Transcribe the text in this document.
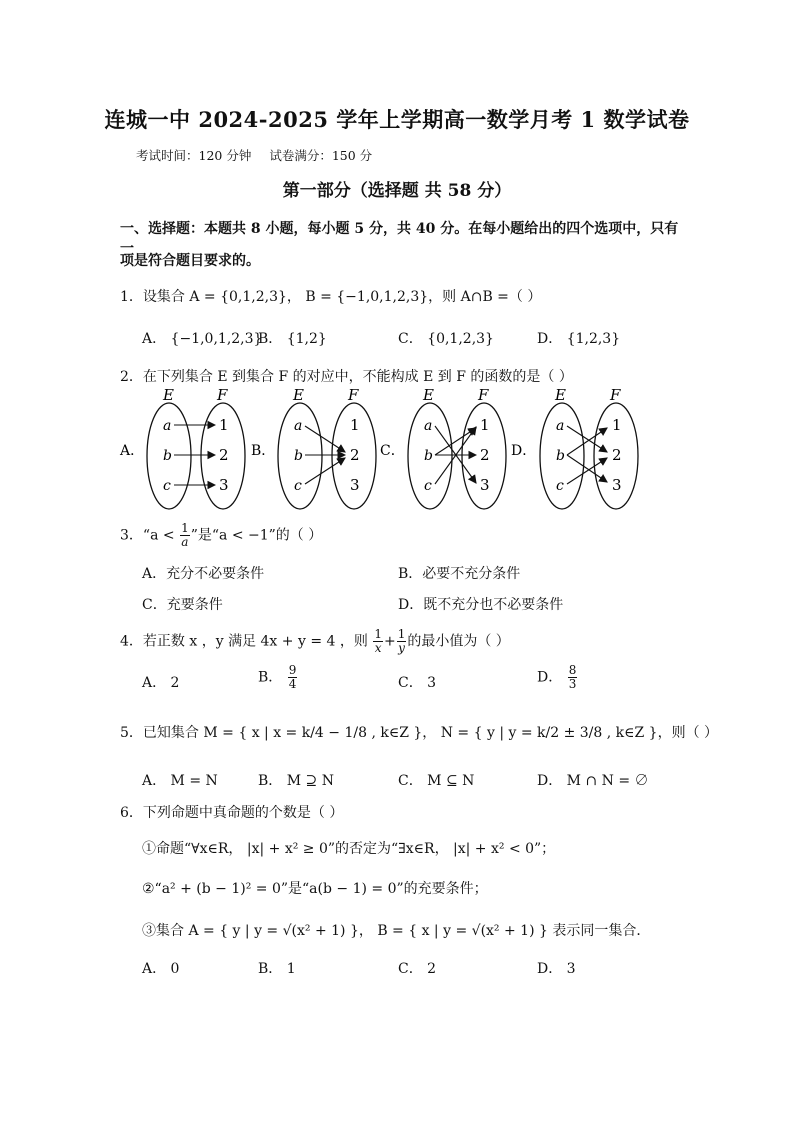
连城一中 2024-2025 学年上学期高一数学月考 1 数学试卷
考试时间：120 分钟 试卷满分：150 分
第一部分（选择题 共 58 分）
一、选择题：本题共 8 小题，每小题 5 分，共 40 分。在每小题给出的四个选项中，只有一
项是符合题目要求的。
1．设集合 A = {0,1,2,3}， B = {−1,0,1,2,3}，则 A∩B =（ ）
A． {−1,0,1,2,3}
B． {1,2}	C． {0,1,2,3}	D． {1,2,3}
2．在下列集合 E 到集合 F 的对应中，不能构成 E 到 F 的函数的是（ ）
A．
E	F
a
b
c
1
2
3
B．
E	F
a
b
c
1
2
3
C．
E	F
a
b
c
1
2
3
D．
E	F
a
b
c
1
2
3
3．“$a < \frac{1}{a}$ ”是“a < −1”的（ ）
A．充分不必要条件	B．必要不充分条件
C．充要条件	D．既不充分也不必要条件
4．若正数 x ，y 满足 4x + y = 4 ，则 $\frac{1}{x} + \frac{1}{y}$ 的最小值为（ ）
A． 2	B． $\frac{9}{4}$	C． 3	D． $\frac{8}{3}$
5．已知集合 M = { x | x = k/4 − 1/8 , k∈Z }， N = { y | y = k/2 ± 3/8 , k∈Z }，则（ ）
A． M = N	B． M ⊇ N	C． M ⊆ N	D． M ∩ N = ∅
6．下列命题中真命题的个数是（ ）
①命题“∀x∈R， |x| + x² ≥ 0”的否定为“∃x∈R， |x| + x² < 0”；
②“a² + (b − 1)² = 0”是“a(b − 1) = 0”的充要条件；
③集合 A = { y | y = √(x² + 1) }， B = { x | y = √(x² + 1) } 表示同一集合．
A． 0	B． 1	C． 2	D． 3
